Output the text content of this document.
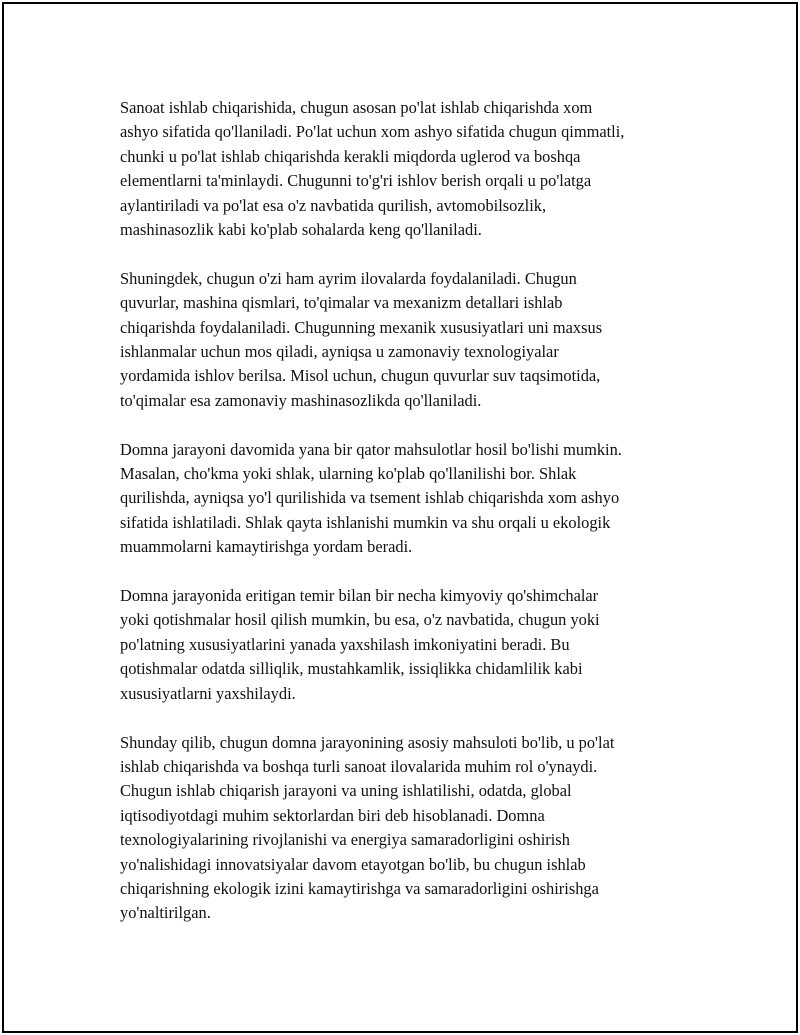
Sanoat ishlab chiqarishida, chugun asosan po'lat ishlab chiqarishda xom
ashyo sifatida qo'llaniladi. Po'lat uchun xom ashyo sifatida chugun qimmatli,
chunki u po'lat ishlab chiqarishda kerakli miqdorda uglerod va boshqa
elementlarni ta'minlaydi. Chugunni to'g'ri ishlov berish orqali u po'latga
aylantiriladi va po'lat esa o'z navbatida qurilish, avtomobilsozlik,
mashinasozlik kabi ko'plab sohalarda keng qo'llaniladi.

Shuningdek, chugun o'zi ham ayrim ilovalarda foydalaniladi. Chugun
quvurlar, mashina qismlari, to'qimalar va mexanizm detallari ishlab
chiqarishda foydalaniladi. Chugunning mexanik xususiyatlari uni maxsus
ishlanmalar uchun mos qiladi, ayniqsa u zamonaviy texnologiyalar
yordamida ishlov berilsa. Misol uchun, chugun quvurlar suv taqsimotida,
to'qimalar esa zamonaviy mashinasozlikda qo'llaniladi.

Domna jarayoni davomida yana bir qator mahsulotlar hosil bo'lishi mumkin.
Masalan, cho'kma yoki shlak, ularning ko'plab qo'llanilishi bor. Shlak
qurilishda, ayniqsa yo'l qurilishida va tsement ishlab chiqarishda xom ashyo
sifatida ishlatiladi. Shlak qayta ishlanishi mumkin va shu orqali u ekologik
muammolarni kamaytirishga yordam beradi.

Domna jarayonida eritigan temir bilan bir necha kimyoviy qo'shimchalar
yoki qotishmalar hosil qilish mumkin, bu esa, o'z navbatida, chugun yoki
po'latning xususiyatlarini yanada yaxshilash imkoniyatini beradi. Bu
qotishmalar odatda silliqlik, mustahkamlik, issiqlikka chidamlilik kabi
xususiyatlarni yaxshilaydi.

Shunday qilib, chugun domna jarayonining asosiy mahsuloti bo'lib, u po'lat
ishlab chiqarishda va boshqa turli sanoat ilovalarida muhim rol o'ynaydi.
Chugun ishlab chiqarish jarayoni va uning ishlatilishi, odatda, global
iqtisodiyotdagi muhim sektorlardan biri deb hisoblanadi. Domna
texnologiyalarining rivojlanishi va energiya samaradorligini oshirish
yo'nalishidagi innovatsiyalar davom etayotgan bo'lib, bu chugun ishlab
chiqarishning ekologik izini kamaytirishga va samaradorligini oshirishga
yo'naltirilgan.
